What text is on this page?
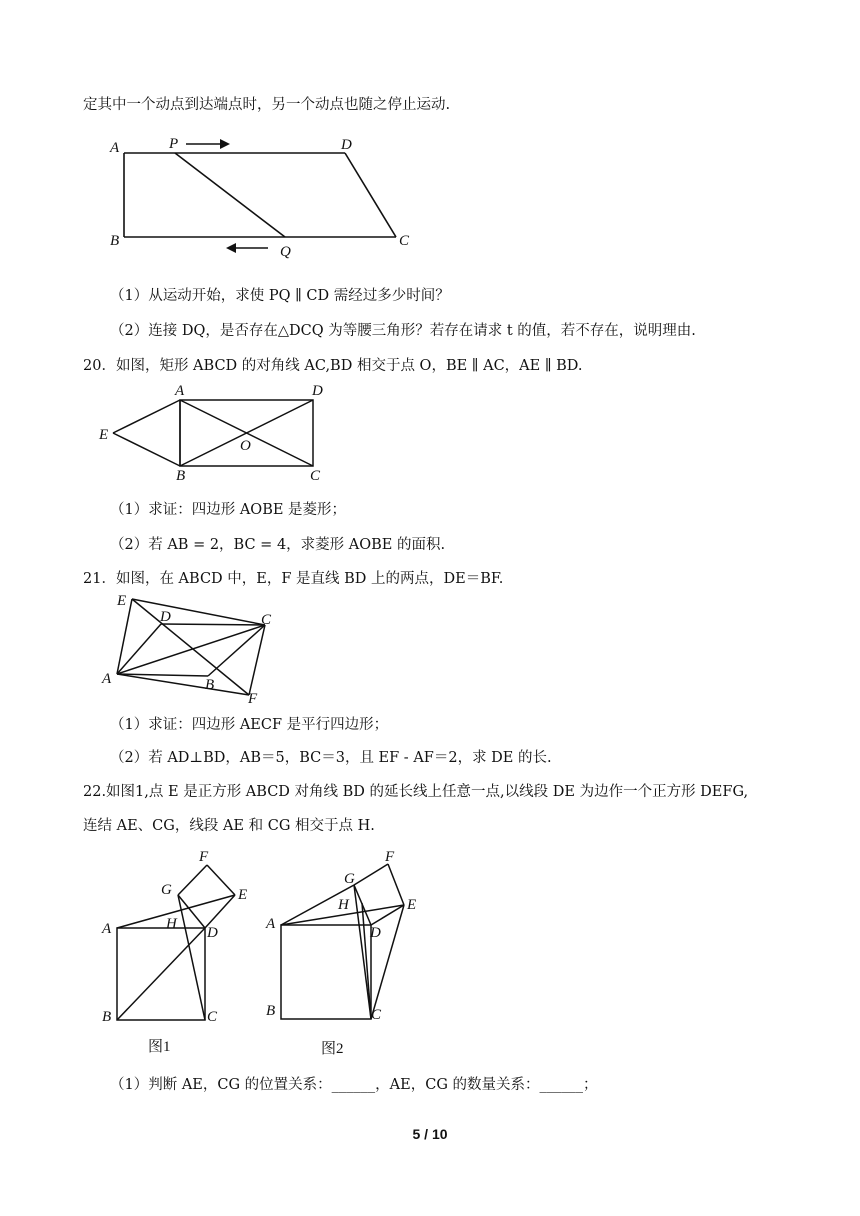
定其中一个动点到达端点时，另一个动点也随之停止运动.
A	P	D
B
Q
C
（1）从运动开始，求使 PQ ∥ CD 需经过多少时间？
（2）连接 DQ，是否存在△DCQ 为等腰三角形？若存在请求 t 的值，若不存在，说明理由.
20．如图，矩形 ABCD 的对角线 AC,BD 相交于点 O，BE ∥ AC，AE ∥ BD.
A	D
E
O
B	C
（1）求证：四边形 AOBE 是菱形；
（2）若 AB = 2，BC = 4，求菱形 AOBE 的面积.
21．如图，在 ABCD 中，E，F 是直线 BD 上的两点，DE＝BF.
E
D	C
A	B
F
（1）求证：四边形 AECF 是平行四边形；
（2）若 AD⊥BD，AB＝5，BC＝3，且 EF - AF＝2，求 DE 的长.
22.如图1,点 E 是正方形 ABCD 对角线 BD 的延长线上任意一点,以线段 DE 为边作一个正方形 DEFG,
连结 AE、CG，线段 AE 和 CG 相交于点 H.
F
G	E
A	H
D
B	C
图1
F
G
H	E
A
D
B	C
图2
（1）判断 AE，CG 的位置关系：______，AE，CG 的数量关系：______；
5 / 10
